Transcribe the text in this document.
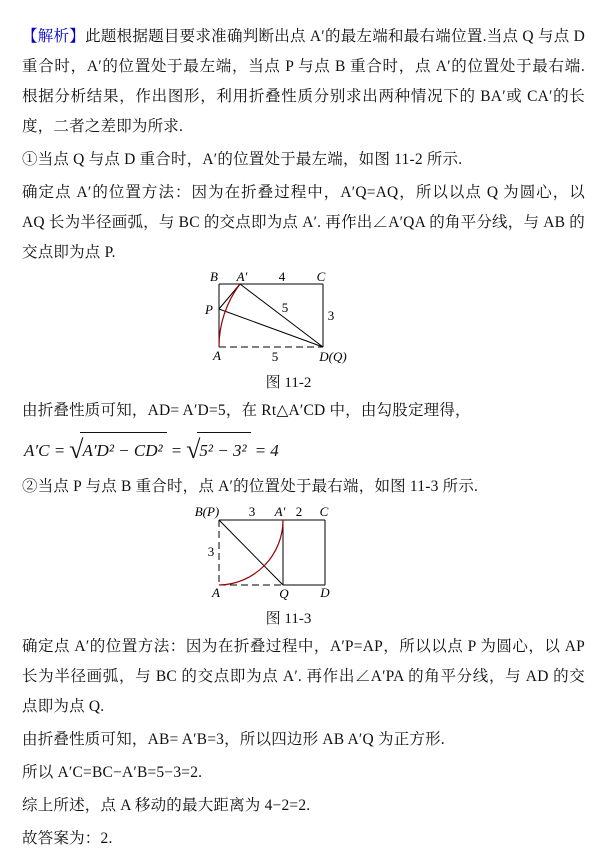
【解析】此题根据题目要求准确判断出点 A′的最左端和最右端位置.当点 Q 与点 D 重合时，A′的位置处于最左端，当点 P 与点 B 重合时，点 A′的位置处于最右端. 根据分析结果，作出图形，利用折叠性质分别求出两种情况下的 BA′或 CA′的长度，二者之差即为所求.

①当点 Q 与点 D 重合时，A′的位置处于最左端，如图 11-2 所示.

确定点 A′的位置方法：因为在折叠过程中，A′Q=AQ，所以以点 Q 为圆心，以 AQ 长为半径画弧，与 BC 的交点即为点 A′. 再作出∠A′QA 的角平分线，与 AB 的交点即为点 P.

B A′ 4 C
P	5
3
A	5	D(Q)

图 11-2

由折叠性质可知，AD= A′D=5，在 Rt△A′CD 中，由勾股定理得，

A′C = √A′D² − CD² = √5² − 3² = 4

②当点 P 与点 B 重合时，点 A′的位置处于最右端，如图 11-3 所示.

B(P) 3 A′ 2 C
3
A	Q D

图 11-3

确定点 A′的位置方法：因为在折叠过程中，A′P=AP，所以以点 P 为圆心，以 AP 长为半径画弧，与 BC 的交点即为点 A′. 再作出∠A′PA 的角平分线，与 AD 的交点即为点 Q.

由折叠性质可知，AB= A′B=3，所以四边形 AB A′Q 为正方形.

所以 A′C=BC−A′B=5−3=2.

综上所述，点 A 移动的最大距离为 4−2=2.

故答案为：2.
